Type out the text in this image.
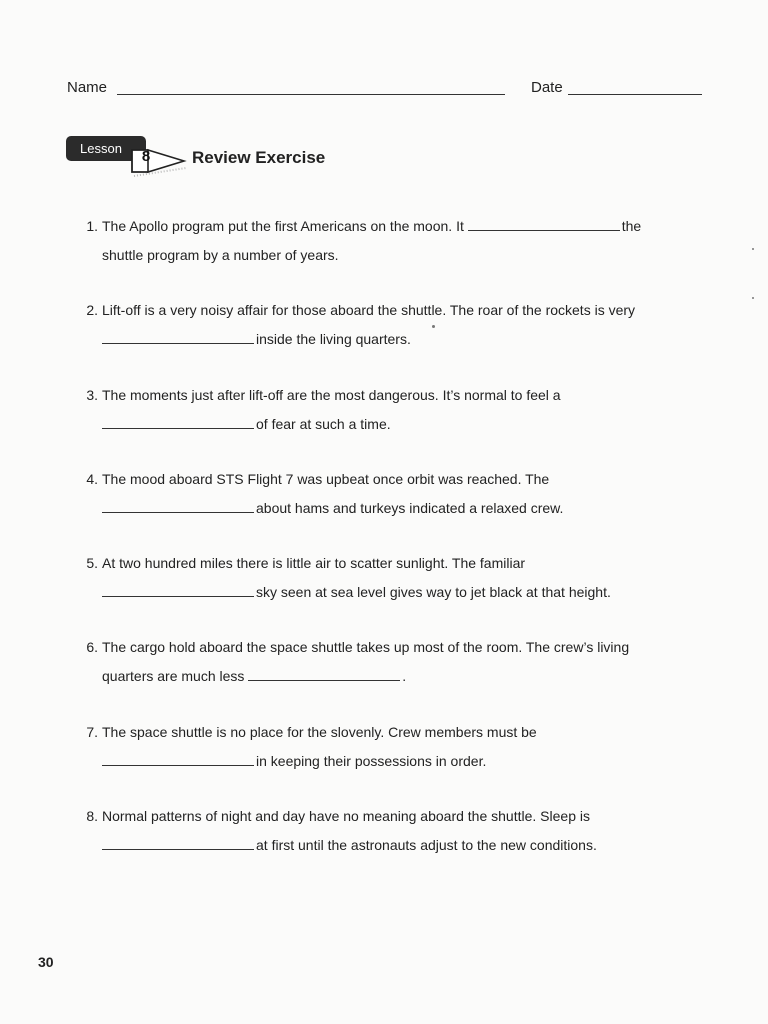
Name	Date
Lesson	8 Review Exercise
1. The Apollo program put the first Americans on the moon. It	the
shuttle program by a number of years.
2. Lift-off is a very noisy affair for those aboard the shuttle. The roar of the rockets is very
inside the living quarters.
3. The moments just after lift-off are the most dangerous. It’s normal to feel a
of fear at such a time.
4. The mood aboard STS Flight 7 was upbeat once orbit was reached. The
about hams and turkeys indicated a relaxed crew.
5. At two hundred miles there is little air to scatter sunlight. The familiar
sky seen at sea level gives way to jet black at that height.
6. The cargo hold aboard the space shuttle takes up most of the room. The crew’s living
quarters are much less	.
7. The space shuttle is no place for the slovenly. Crew members must be
in keeping their possessions in order.
8. Normal patterns of night and day have no meaning aboard the shuttle. Sleep is
at first until the astronauts adjust to the new conditions.
30
